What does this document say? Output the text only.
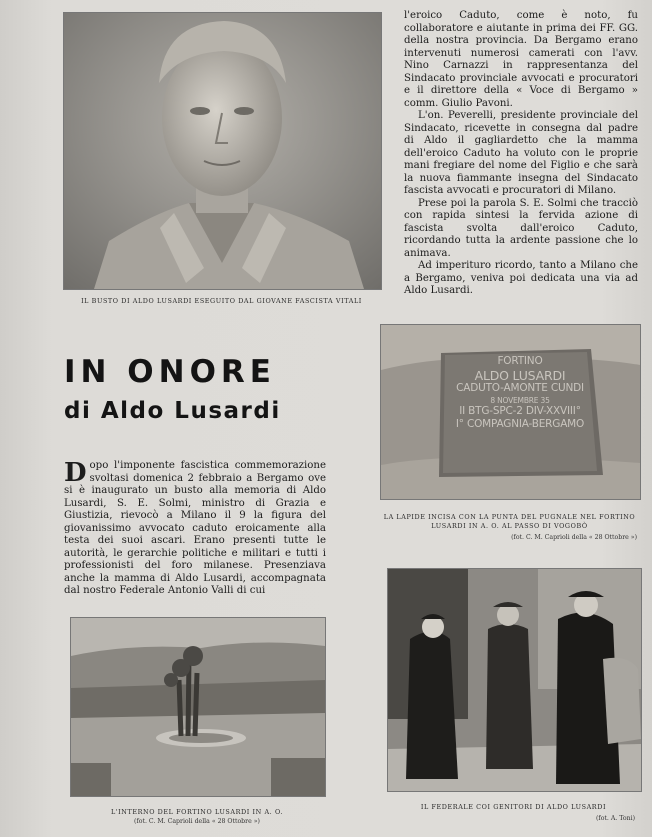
IL BUSTO DI ALDO LUSARDI ESEGUITO DAL GIOVANE FASCISTA VITALI

l'eroico Caduto, come è noto, fu collaboratore e aiutante in prima dei FF. GG. della nostra provincia. Da Bergamo erano intervenuti numerosi camerati con l'avv. Nino Carnazzi in rappresentanza del Sindacato provinciale avvocati e procuratori e il direttore della « Voce di Bergamo » comm. Giulio Pavoni.

L'on. Peverelli, presidente provinciale del Sindacato, ricevette in consegna dal padre di Aldo il gagliardetto che la mamma dell'eroico Caduto ha voluto con le proprie mani fregiare del nome del Figlio e che sarà la nuova fiammante insegna del Sindacato fascista avvocati e procuratori di Milano.

Prese poi la parola S. E. Solmi che tracciò con rapida sintesi la fervida azione di fascista svolta dall'eroico Caduto, ricordando tutta la ardente passione che lo animava.

Ad imperituro ricordo, tanto a Milano che a Bergamo, veniva poi dedicata una via ad Aldo Lusardi.

IN ONORE
di Aldo Lusardi

Dopo l'imponente fascistica commemorazione svoltasi domenica 2 febbraio a Bergamo ove si è inaugurato un busto alla memoria di Aldo Lusardi, S. E. Solmi, ministro di Grazia e Giustizia, rievocò a Milano il 9 la figura del giovanissimo avvocato caduto eroicamente alla testa dei suoi ascari. Erano presenti tutte le autorità, le gerarchie politiche e militari e tutti i professionisti del foro milanese. Presenziava anche la mamma di Aldo Lusardi, accompagnata dal nostro Federale Antonio Valli di cui

FORTINO
ALDO LUSARDI
CADUTO-AMONTE CUNDI
8 NOVEMBRE 35
II BTG-SPC-2 DIV-XXVIII°
I° COMPAGNIA-BERGAMO
LA LAPIDE INCISA CON LA PUNTA DEL PUGNALE NEL FORTINO LUSARDI IN A. O. AL PASSO DI VOGOBÒ
(fot. C. M. Caprioli della « 28 Ottobre »)
L'INTERNO DEL FORTINO LUSARDI IN A. O.
(fot. C. M. Caprioli della « 28 Ottobre »)
IL FEDERALE COI GENITORI DI ALDO LUSARDI
(fot. A. Toni)
